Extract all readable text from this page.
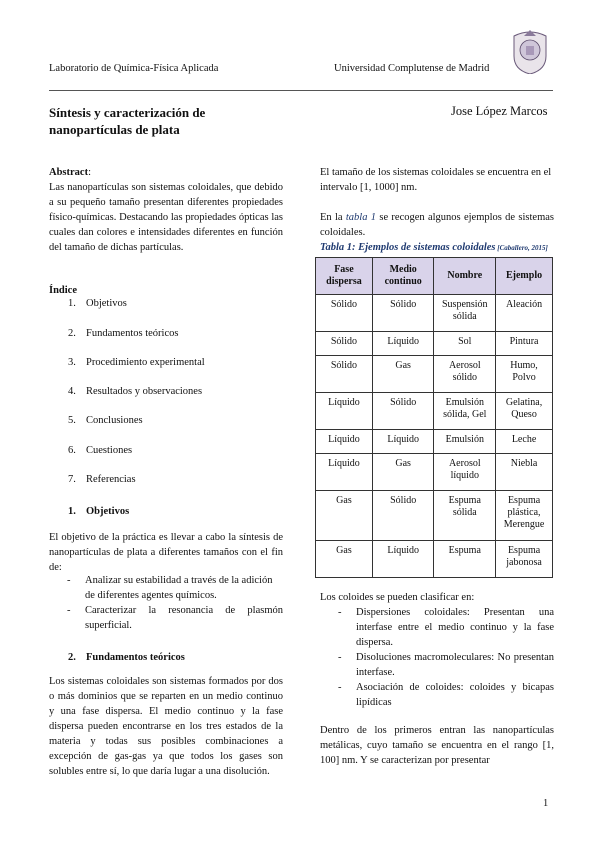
Laboratorio de Química-Física Aplicada	Universidad Complutense de Madrid
Síntesis y caracterización de
nanopartículas de plata
Jose López Marcos
Abstract:
Las nanopartículas son sistemas coloidales, que debido a su pequeño tamaño presentan diferentes propiedades físico-químicas. Destacando las propiedades ópticas las cuales dan colores e intensidades diferentes en función del tamaño de dichas partículas.
Índice
1. Objetivos
2. Fundamentos teóricos
3. Procedimiento experimental
4. Resultados y observaciones
5. Conclusiones
6. Cuestiones
7. Referencias
1. Objetivos
El objetivo de la práctica es llevar a cabo la síntesis de nanopartículas de plata a diferentes tamaños con el fin de:
- Analizar su estabilidad a través de la adición de diferentes agentes químicos.
- Caracterizar la resonancia de plasmón superficial.
2. Fundamentos teóricos
Los sistemas coloidales son sistemas formados por dos o más dominios que se reparten en un medio continuo y una fase dispersa. El medio continuo y la fase dispersa pueden encontrarse en los tres estados de la materia y todas sus posibles combinaciones a excepción de gas-gas ya que todos los gases son solubles entre sí, lo que daría lugar a una disolución.
El tamaño de los sistemas coloidales se encuentra en el intervalo [1, 1000] nm.
En la tabla 1 se recogen algunos ejemplos de sistemas coloidales.
Tabla 1: Ejemplos de sistemas coloidales [Caballero, 2015]
Fase dispersa	Medio continuo	Nombre	Ejemplo
Sólido	Sólido	Suspensión sólida	Aleación
Sólido	Líquido	Sol	Pintura
Sólido	Gas	Aerosol sólido	Humo, Polvo
Líquido	Sólido	Emulsión sólida, Gel	Gelatina, Queso
Líquido	Líquido	Emulsión	Leche
Líquido	Gas	Aerosol líquido	Niebla
Gas	Sólido	Espuma sólida	Espuma plástica, Merengue
Gas	Líquido	Espuma	Espuma jabonosa
Los coloides se pueden clasificar en:
- Dispersiones coloidales: Presentan una interfase entre el medio continuo y la fase dispersa.
- Disoluciones macromoleculares: No presentan interfase.
- Asociación de coloides: coloides y bicapas lipídicas
Dentro de los primeros entran las nanopartículas metálicas, cuyo tamaño se encuentra en el rango [1, 100] nm. Y se caracterizan por presentar
1
